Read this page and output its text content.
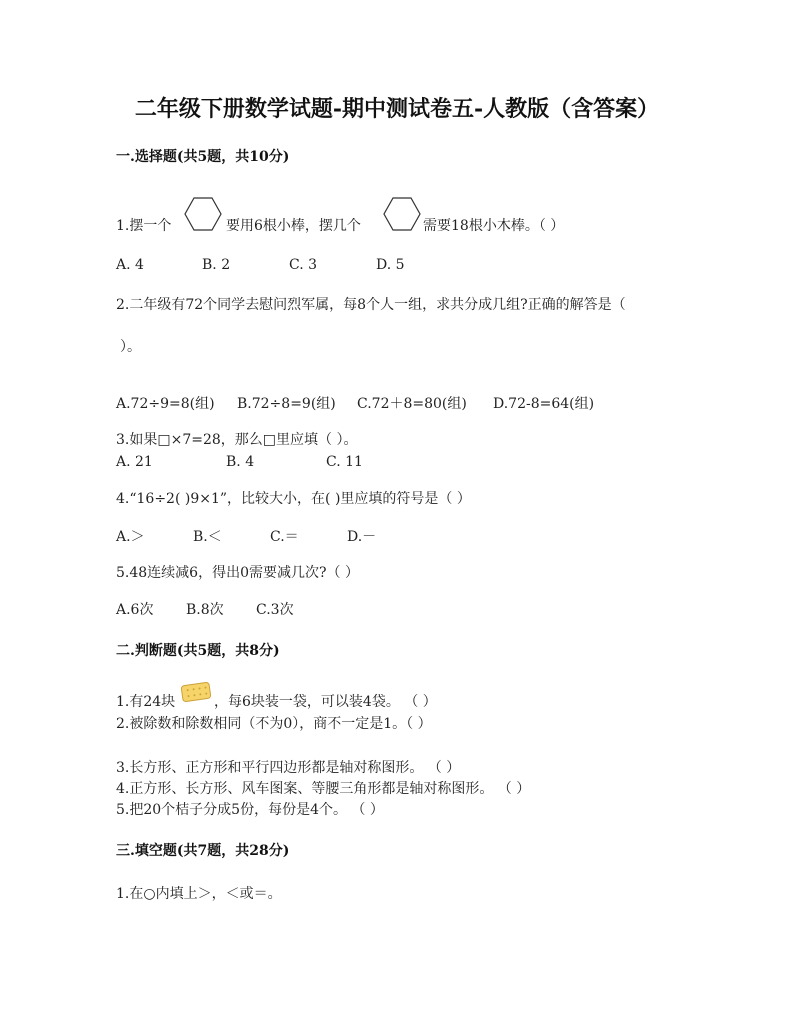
二年级下册数学试题-期中测试卷五-人教版（含答案）
一.选择题(共5题，共10分)
1.摆一个	要用6根小棒，摆几个	需要18根小木棒。（ ）
A. 4	B. 2	C. 3	D. 5
2.二年级有72个同学去慰问烈军属，每8个人一组，求共分成几组?正确的解答是（
）。
A.72÷9=8(组) B.72÷8=9(组) C.72＋8=80(组) D.72-8=64(组)
3.如果□×7=28，那么□里应填（ ）。
A. 21	B. 4	C. 11
4.“16÷2( )9×1”，比较大小，在( )里应填的符号是（ ）
A.＞	B.＜	C.＝	D.－
5.48连续减6，得出0需要减几次?（ ）
A.6次 B.8次 C.3次
二.判断题(共5题，共8分)
1.有24块	，每6块装一袋，可以装4袋。 （ ）
2.被除数和除数相同（不为0），商不一定是1。（ ）
3.长方形、正方形和平行四边形都是轴对称图形。 （ ）
4.正方形、长方形、风车图案、等腰三角形都是轴对称图形。 （ ）
5.把20个桔子分成5份，每份是4个。 （ ）
三.填空题(共7题，共28分)
1.在○内填上＞，＜或＝。
